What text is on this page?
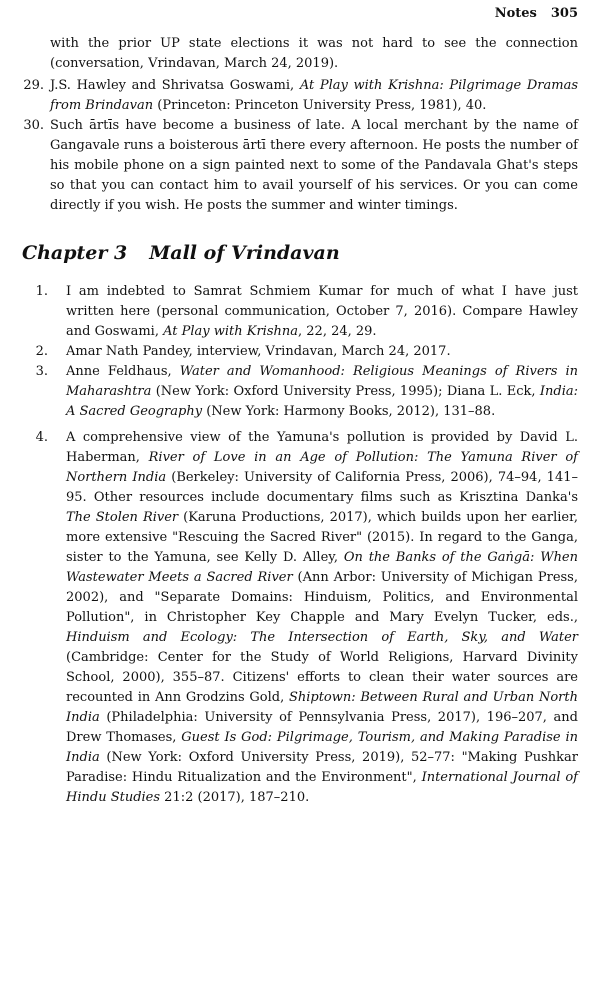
Notes 305

with the prior UP state elections it was not hard to see the connection (conversation, Vrindavan, March 24, 2019).

29. J.S. Hawley and Shrivatsa Goswami, At Play with Krishna: Pilgrimage Dramas from Brindavan (Princeton: Princeton University Press, 1981), 40.

30. Such ārtīs have become a business of late. A local merchant by the name of Gangavale runs a boisterous ārtī there every afternoon. He posts the number of his mobile phone on a sign painted next to some of the Pandavala Ghat's steps so that you can contact him to avail yourself of his services. Or you can come directly if you wish. He posts the summer and winter timings.

Chapter 3 Mall of Vrindavan

1. I am indebted to Samrat Schmiem Kumar for much of what I have just written here (personal communication, October 7, 2016). Compare Hawley and Goswami, At Play with Krishna, 22, 24, 29.

2. Amar Nath Pandey, interview, Vrindavan, March 24, 2017.

3. Anne Feldhaus, Water and Womanhood: Religious Meanings of Rivers in Maharashtra (New York: Oxford University Press, 1995); Diana L. Eck, India: A Sacred Geography (New York: Harmony Books, 2012), 131–88.

4. A comprehensive view of the Yamuna's pollution is provided by David L. Haberman, River of Love in an Age of Pollution: The Yamuna River of Northern India (Berkeley: University of California Press, 2006), 74–94, 141–95. Other resources include documentary films such as Krisztina Danka's The Stolen River (Karuna Productions, 2017), which builds upon her earlier, more extensive "Rescuing the Sacred River" (2015). In regard to the Ganga, sister to the Yamuna, see Kelly D. Alley, On the Banks of the Gaṅgā: When Wastewater Meets a Sacred River (Ann Arbor: University of Michigan Press, 2002), and "Separate Domains: Hinduism, Politics, and Environmental Pollution", in Christopher Key Chapple and Mary Evelyn Tucker, eds., Hinduism and Ecology: The Intersection of Earth, Sky, and Water (Cambridge: Center for the Study of World Religions, Harvard Divinity School, 2000), 355–87. Citizens' efforts to clean their water sources are recounted in Ann Grodzins Gold, Shiptown: Between Rural and Urban North India (Philadelphia: University of Pennsylvania Press, 2017), 196–207, and Drew Thomases, Guest Is God: Pilgrimage, Tourism, and Making Paradise in India (New York: Oxford University Press, 2019), 52–77: "Making Pushkar Paradise: Hindu Ritualization and the Environment", International Journal of Hindu Studies 21:2 (2017), 187–210.
